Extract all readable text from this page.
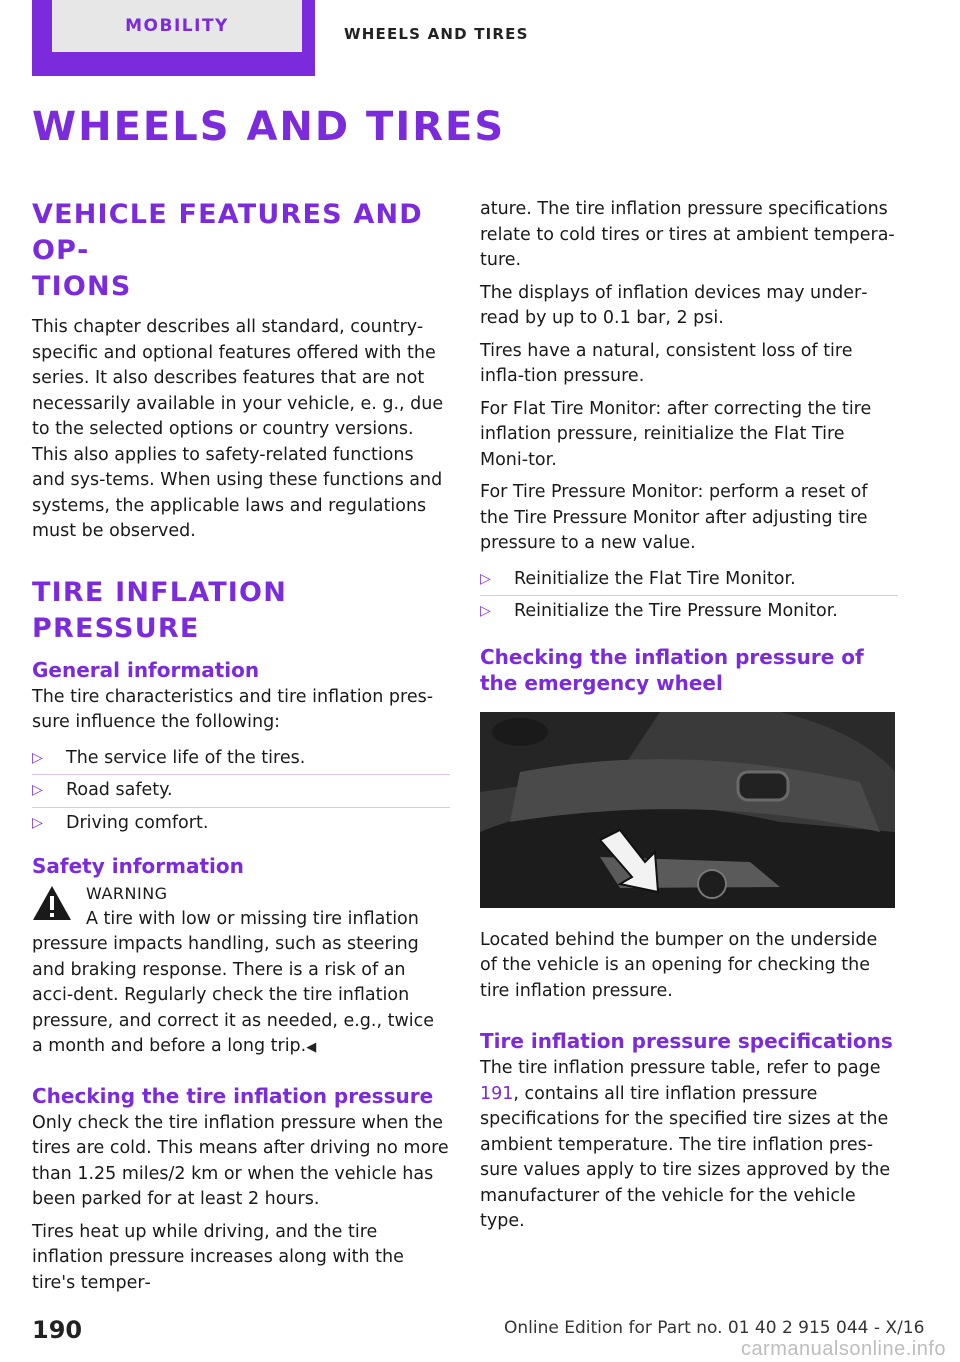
MOBILITY	WHEELS AND TIRES
WHEELS AND TIRES
VEHICLE FEATURES AND OP‐
TIONS

This chapter describes all standard, country-specific and optional features offered with the series. It also describes features that are not necessarily available in your vehicle, e. g., due to the selected options or country versions. This also applies to safety-related functions and sys‐tems. When using these functions and systems, the applicable laws and regulations must be observed.

TIRE INFLATION PRESSURE
General information

The tire characteristics and tire inflation pres‐sure influence the following:

▷ The service life of the tires.
▷ Road safety.
▷ Driving comfort.
Safety information
WARNING
A tire with low or missing tire inflation
pressure impacts handling, such as steering and braking response. There is a risk of an acci‐dent. Regularly check the tire inflation pressure, and correct it as needed, e.g., twice a month and before a long trip.◀
Checking the tire inflation pressure

Only check the tire inflation pressure when the tires are cold. This means after driving no more than 1.25 miles/2 km or when the vehicle has been parked for at least 2 hours.

Tires heat up while driving, and the tire inflation pressure increases along with the tire's temper‐

ature. The tire inflation pressure specifications relate to cold tires or tires at ambient tempera‐ture.

The displays of inflation devices may under‐read by up to 0.1 bar, 2 psi.

Tires have a natural, consistent loss of tire infla‐tion pressure.

For Flat Tire Monitor: after correcting the tire inflation pressure, reinitialize the Flat Tire Moni‐tor.

For Tire Pressure Monitor: perform a reset of the Tire Pressure Monitor after adjusting tire pressure to a new value.

▷ Reinitialize the Flat Tire Monitor.
▷ Reinitialize the Tire Pressure Monitor.
Checking the inflation pressure of the emergency wheel

Located behind the bumper on the underside of the vehicle is an opening for checking the tire inflation pressure.

Tire inflation pressure specifications

The tire inflation pressure table, refer to page 191, contains all tire inflation pressure specifications for the specified tire sizes at the ambient temperature. The tire inflation pres‐sure values apply to tire sizes approved by the manufacturer of the vehicle for the vehicle type.

190	Online Edition for Part no. 01 40 2 915 044 - X/16
carmanualsonline.info
